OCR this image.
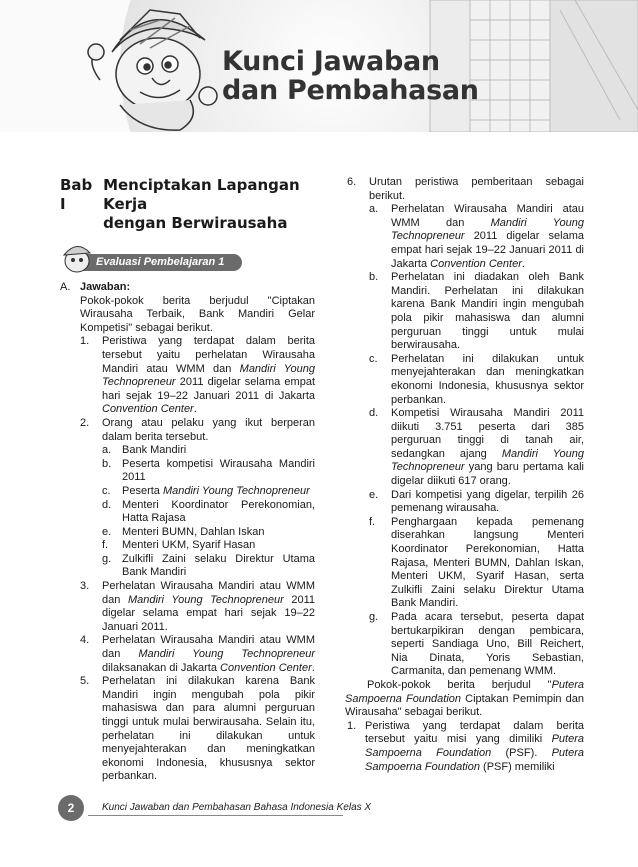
Kunci Jawaban
dan Pembahasan
Bab I
Menciptakan Lapangan Kerja
dengan Berwirausaha
Evaluasi Pembelajaran 1
A. Jawaban:
Pokok-pokok berita berjudul "Ciptakan Wirausaha Terbaik, Bank Mandiri Gelar Kompetisi" sebagai berikut.
1.	Peristiwa yang terdapat dalam berita tersebut yaitu perhelatan Wirausaha Mandiri atau WMM dan Mandiri Young Technopreneur 2011 digelar selama empat hari sejak 19–22 Januari 2011 di Jakarta Convention Center.
2.	Orang atau pelaku yang ikut berperan dalam berita tersebut.
a. Bank Mandiri
b. Peserta kompetisi Wirausaha Mandiri 2011
c.	Peserta Mandiri Young Technopreneur
d. Menteri Koordinator Perekonomian, Hatta Rajasa
e. Menteri BUMN, Dahlan Iskan
f.	Menteri UKM, Syarif Hasan
g. Zulkifli Zaini selaku Direktur Utama Bank Mandiri
3.	Perhelatan Wirausaha Mandiri atau WMM dan Mandiri Young Technopreneur 2011 digelar selama empat hari sejak 19–22 Januari 2011.
4.	Perhelatan Wirausaha Mandiri atau WMM dan Mandiri Young Technopreneur dilaksanakan di Jakarta Convention Center.
5.	Perhelatan ini dilakukan karena Bank Mandiri ingin mengubah pola pikir mahasiswa dan para alumni perguruan tinggi untuk mulai berwirausaha. Selain itu, perhelatan ini dilakukan untuk menyejahterakan dan meningkatkan ekonomi Indonesia, khususnya sektor perbankan.
6.	Urutan peristiwa pemberitaan sebagai berikut.
a.	Perhelatan Wirausaha Mandiri atau WMM dan Mandiri Young Technopreneur 2011 digelar selama empat hari sejak 19–22 Januari 2011 di Jakarta Convention Center.
b.	Perhelatan ini diadakan oleh Bank Mandiri. Perhelatan ini dilakukan karena Bank Mandiri ingin mengubah pola pikir mahasiswa dan alumni perguruan tinggi untuk mulai berwirausaha.
c.	Perhelatan ini dilakukan untuk menyejahterakan dan meningkatkan ekonomi Indonesia, khususnya sektor perbankan.
d.	Kompetisi Wirausaha Mandiri 2011 diikuti 3.751 peserta dari 385 perguruan tinggi di tanah air, sedangkan ajang Mandiri Young Technopreneur yang baru pertama kali digelar diikuti 617 orang.
e.	Dari kompetisi yang digelar, terpilih 26 pemenang wirausaha.
f.	Penghargaan kepada pemenang diserahkan langsung Menteri Koordinator Perekonomian, Hatta Rajasa, Menteri BUMN, Dahlan Iskan, Menteri UKM, Syarif Hasan, serta Zulkifli Zaini selaku Direktur Utama Bank Mandiri.
g.	Pada acara tersebut, peserta dapat bertukarpikiran dengan pembicara, seperti Sandiaga Uno, Bill Reichert, Nia Dinata, Yoris Sebastian, Carmanita, dan pemenang WMM.
Pokok-pokok berita berjudul "Putera Sampoerna Foundation Ciptakan Pemimpin dan Wirausaha" sebagai berikut.
1. Peristiwa yang terdapat dalam berita tersebut yaitu misi yang dimiliki Putera Sampoerna Foundation (PSF). Putera Sampoerna Foundation (PSF) memiliki
2	Kunci Jawaban dan Pembahasan Bahasa Indonesia Kelas X
